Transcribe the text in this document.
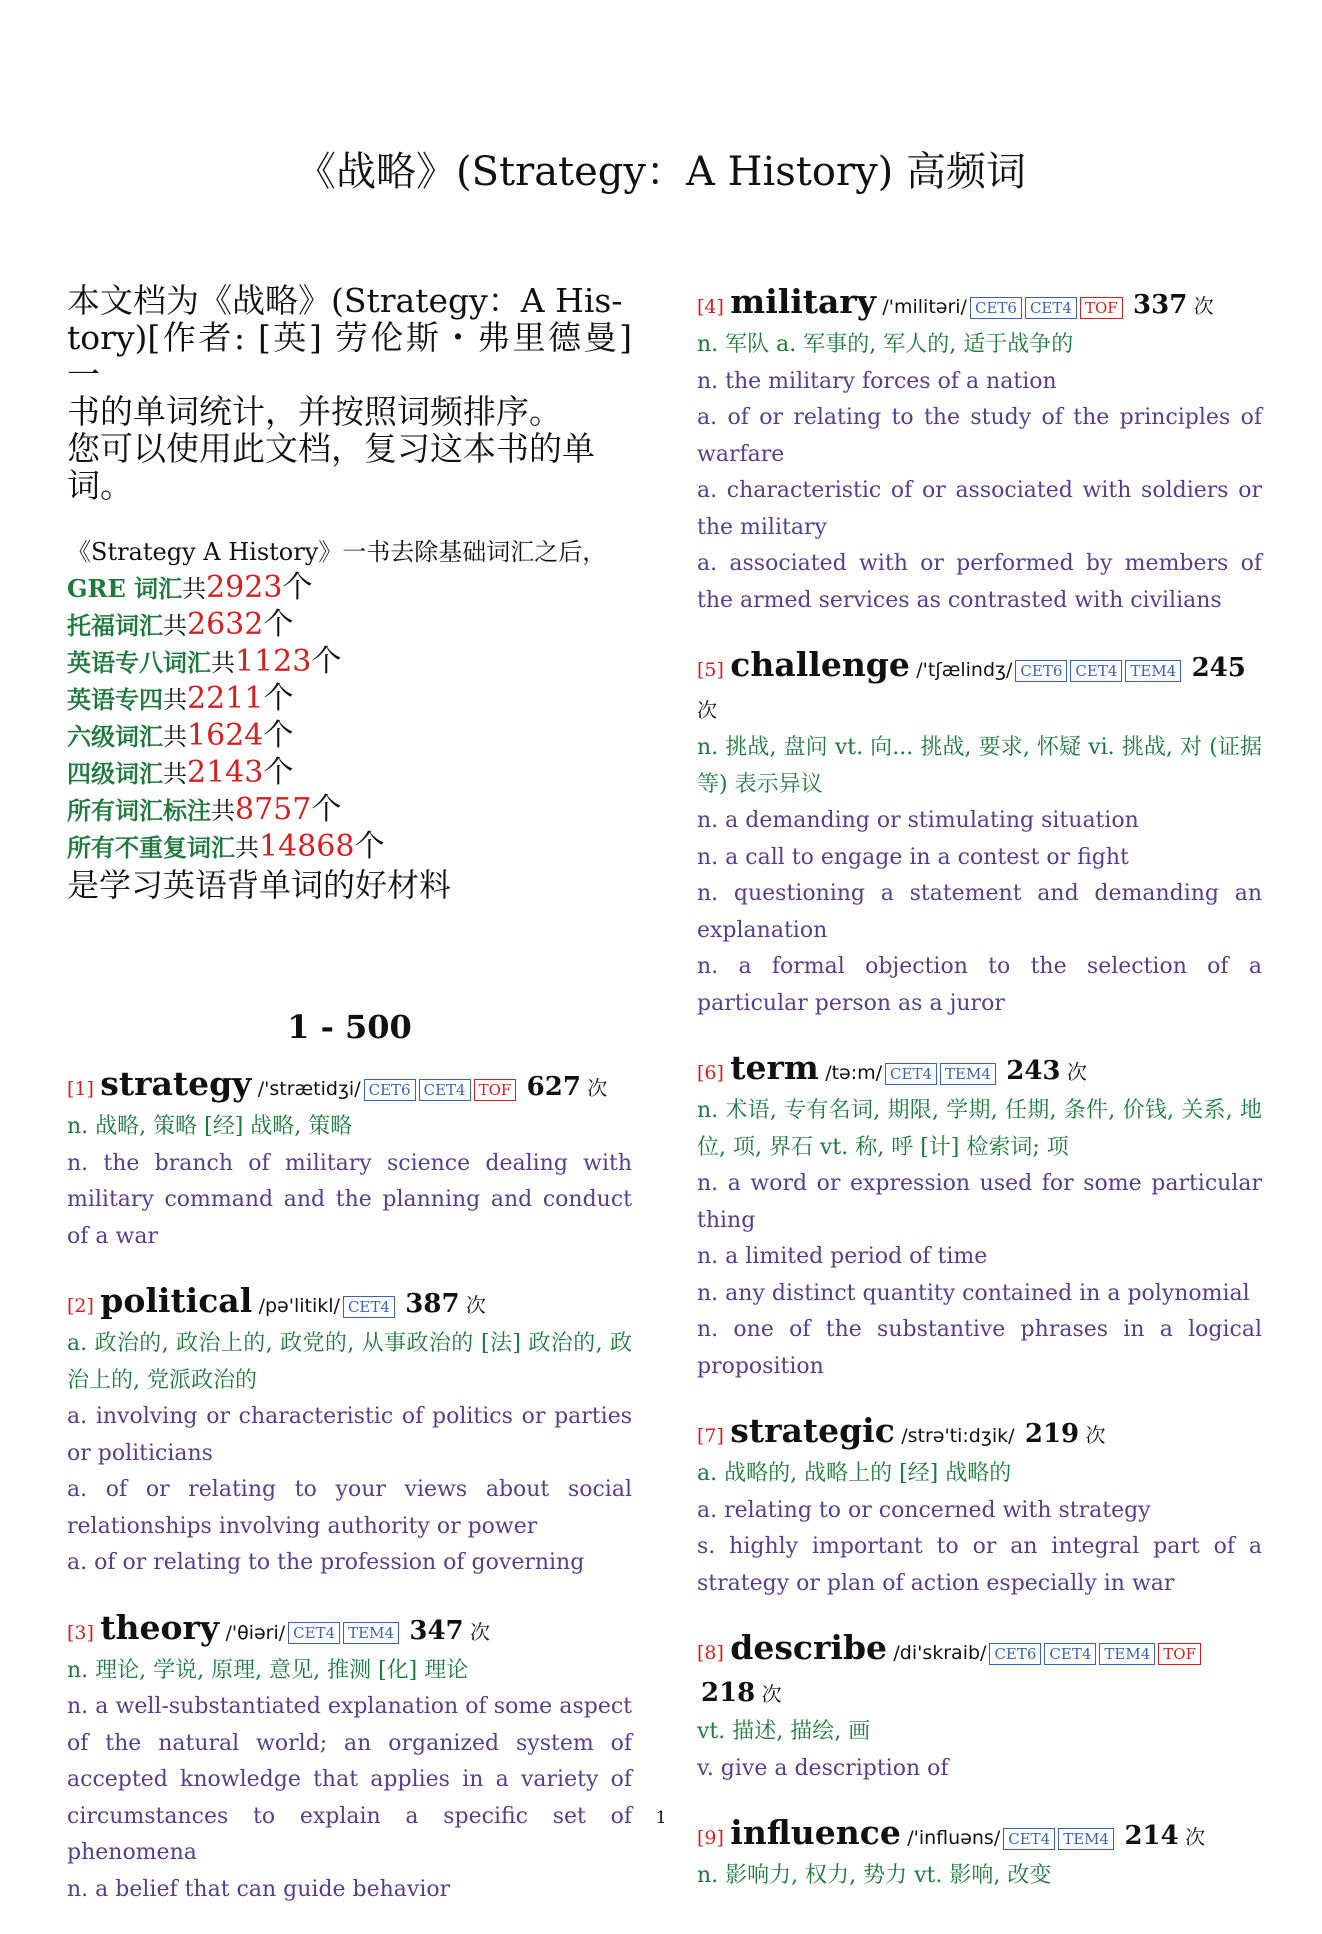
《战略》(Strategy：A History) 高频词
本文档为《战略》(Strategy：A His-
tory)[作者: [英] 劳伦斯・弗里德曼] 一
书的单词统计，并按照词频排序。
您可以使用此文档，复习这本书的单
词。
《Strategy A History》一书去除基础词汇之后，
GRE 词汇共2923个
托福词汇共2632个
英语专八词汇共1123个
英语专四共2211个
六级词汇共1624个
四级词汇共2143个
所有词汇标注共8757个
所有不重复词汇共14868个
是学习英语背单词的好材料
1 - 500
[1] strategy /'strætidʒi/ CET6 CET4 TOF 627 次

n. 战略, 策略 [经] 战略, 策略

n. the branch of military science dealing with military command and the planning and conduct of a war

[2] political /pə'litikl/ CET4 387 次

a. 政治的, 政治上的, 政党的, 从事政治的 [法] 政治的, 政治上的, 党派政治的

a. involving or characteristic of politics or parties or politicians

a. of or relating to your views about social relationships involving authority or power

a. of or relating to the profession of governing

[3] theory /'θiəri/ CET4 TEM4 347 次

n. 理论, 学说, 原理, 意见, 推测 [化] 理论

n. a well-substantiated explanation of some aspect of the natural world; an organized system of accepted knowledge that applies in a variety of circumstances to explain a specific set of phenomena

n. a belief that can guide behavior

[4] military /'militəri/ CET6 CET4 TOF 337 次

n. 军队 a. 军事的, 军人的, 适于战争的

n. the military forces of a nation

a. of or relating to the study of the principles of warfare

a. characteristic of or associated with soldiers or the military

a. associated with or performed by members of the armed services as contrasted with civilians

[5] challenge /'tʃælindʒ/ CET6 CET4 TEM4 245 次

n. 挑战, 盘问 vt. 向... 挑战, 要求, 怀疑 vi. 挑战, 对 (证据等) 表示异议

n. a demanding or stimulating situation

n. a call to engage in a contest or fight

n. questioning a statement and demanding an explanation

n. a formal objection to the selection of a particular person as a juror

[6] term /tə:m/ CET4 TEM4 243 次

n. 术语, 专有名词, 期限, 学期, 任期, 条件, 价钱, 关系, 地位, 项, 界石 vt. 称, 呼 [计] 检索词; 项

n. a word or expression used for some particular thing

n. a limited period of time

n. any distinct quantity contained in a polynomial

n. one of the substantive phrases in a logical proposition

[7] strategic /strə'ti:dʒik/ 219 次

a. 战略的, 战略上的 [经] 战略的

a. relating to or concerned with strategy

s. highly important to or an integral part of a strategy or plan of action especially in war

[8] describe /di'skraib/ CET6 CET4 TEM4 TOF 218 次

vt. 描述, 描绘, 画

v. give a description of

[9] influence /'influəns/ CET4 TEM4 214 次

n. 影响力, 权力, 势力 vt. 影响, 改变

1
